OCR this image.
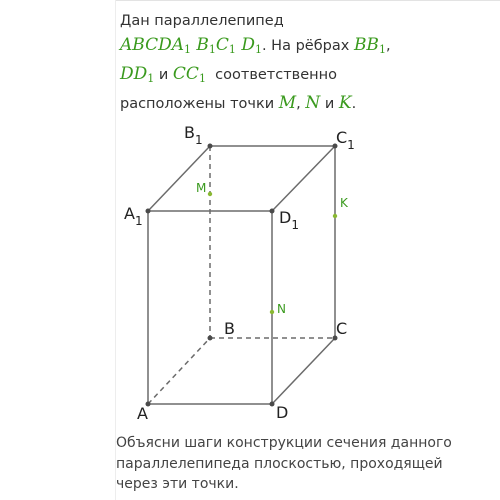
Дан параллелепипед
$ABCDA_1$ $B_1C_1$ $D_1$. На рёбрах $BB_1$,
$DD_1$ и $CC_1$ соответственно
расположены точки M, N и K.
A
B	C
D
$A_1$
$B_1$	$C_1$
$D_1$
M
N
K
Объясни шаги конструкции сечения данного
параллелепипеда плоскостью, проходящей
через эти точки.
